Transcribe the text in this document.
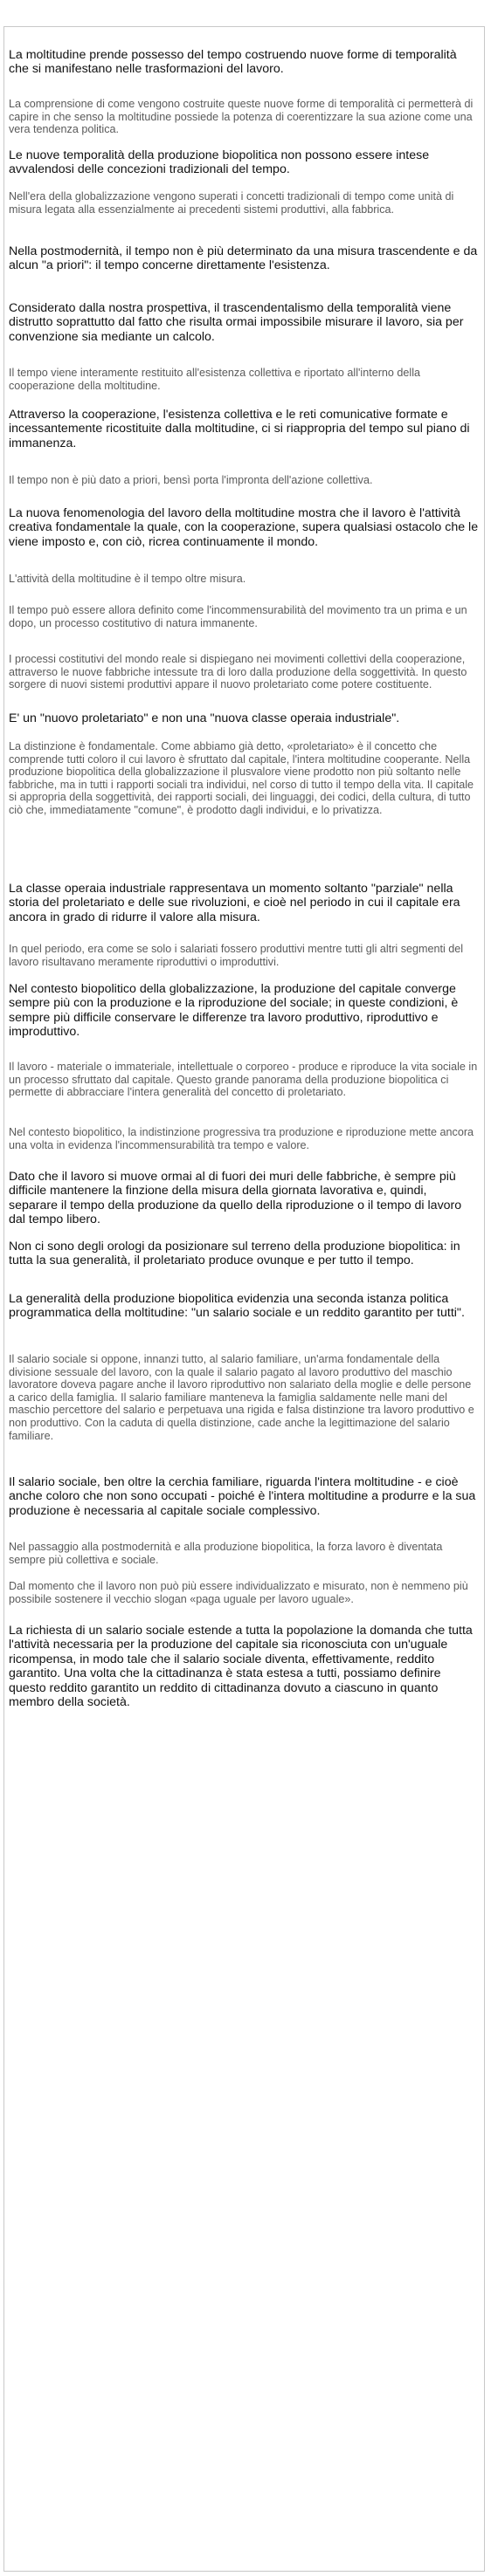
La moltitudine prende possesso del tempo costruendo nuove forme di temporalità che si manifestano nelle trasformazioni del lavoro.

La comprensione di come vengono costruite queste nuove forme di temporalità ci permetterà di capire in che senso la moltitudine possiede la potenza di coerentizzare la sua azione come una vera tendenza politica.

Le nuove temporalità della produzione biopolitica non possono essere intese avvalendosi delle concezioni tradizionali del tempo.

Nell'era della globalizzazione vengono superati i concetti tradizionali di tempo come unità di misura legata alla essenzialmente ai precedenti sistemi produttivi, alla fabbrica.

Nella postmodernità, il tempo non è più determinato da una misura trascendente e da alcun "a priori": il tempo concerne direttamente l'esistenza.

Considerato dalla nostra prospettiva, il trascendentalismo della temporalità viene distrutto soprattutto dal fatto che risulta ormai impossibile misurare il lavoro, sia per convenzione sia mediante un calcolo.

Il tempo viene interamente restituito all'esistenza collettiva e riportato all'interno della cooperazione della moltitudine.

Attraverso la cooperazione, l'esistenza collettiva e le reti comunicative formate e incessantemente ricostituite dalla moltitudine, ci si riappropria del tempo sul piano di immanenza.

Il tempo non è più dato a priori, bensì porta l'impronta dell'azione collettiva.

La nuova fenomenologia del lavoro della moltitudine mostra che il lavoro è l'attività creativa fondamentale la quale, con la cooperazione, supera qualsiasi ostacolo che le viene imposto e, con ciò, ricrea continuamente il mondo.

L'attività della moltitudine è il tempo oltre misura.

Il tempo può essere allora definito come l'incommensurabilità del movimento tra un prima e un dopo, un processo costitutivo di natura immanente.

I processi costitutivi del mondo reale si dispiegano nei movimenti collettivi della cooperazione, attraverso le nuove fabbriche intessute tra di loro dalla produzione della soggettività. In questo sorgere di nuovi sistemi produttivi appare il nuovo proletariato come potere costituente.

E' un "nuovo proletariato" e non una "nuova classe operaia industriale".

La distinzione è fondamentale. Come abbiamo già detto, «proletariato» è il concetto che comprende tutti coloro il cui lavoro è sfruttato dal capitale, l'intera moltitudine cooperante. Nella produzione biopolitica della globalizzazione il plusvalore viene prodotto non più soltanto nelle fabbriche, ma in tutti i rapporti sociali tra individui, nel corso di tutto il tempo della vita. Il capitale si appropria della soggettività, dei rapporti sociali, dei linguaggi, dei codici, della cultura, di tutto ciò che, immediatamente "comune", è prodotto dagli individui, e lo privatizza.

La classe operaia industriale rappresentava un momento soltanto "parziale" nella storia del proletariato e delle sue rivoluzioni, e cioè nel periodo in cui il capitale era ancora in grado di ridurre il valore alla misura.

In quel periodo, era come se solo i salariati fossero produttivi mentre tutti gli altri segmenti del lavoro risultavano meramente riproduttivi o improduttivi.

Nel contesto biopolitico della globalizzazione, la produzione del capitale converge sempre più con la produzione e la riproduzione del sociale; in queste condizioni, è sempre più difficile conservare le differenze tra lavoro produttivo, riproduttivo e improduttivo.

Il lavoro - materiale o immateriale, intellettuale o corporeo - produce e riproduce la vita sociale in un processo sfruttato dal capitale. Questo grande panorama della produzione biopolitica ci permette di abbracciare l'intera generalità del concetto di proletariato.

Nel contesto biopolitico, la indistinzione progressiva tra produzione e riproduzione mette ancora una volta in evidenza l'incommensurabilità tra tempo e valore.

Dato che il lavoro si muove ormai al di fuori dei muri delle fabbriche, è sempre più difficile mantenere la finzione della misura della giornata lavorativa e, quindi, separare il tempo della produzione da quello della riproduzione o il tempo di lavoro dal tempo libero.

Non ci sono degli orologi da posizionare sul terreno della produzione biopolitica: in tutta la sua generalità, il proletariato produce ovunque e per tutto il tempo.

La generalità della produzione biopolitica evidenzia una seconda istanza politica programmatica della moltitudine: "un salario sociale e un reddito garantito per tutti".

Il salario sociale si oppone, innanzi tutto, al salario familiare, un'arma fondamentale della divisione sessuale del lavoro, con la quale il salario pagato al lavoro produttivo del maschio lavoratore doveva pagare anche il lavoro riproduttivo non salariato della moglie e delle persone a carico della famiglia. Il salario familiare manteneva la famiglia saldamente nelle mani del maschio percettore del salario e perpetuava una rigida e falsa distinzione tra lavoro produttivo e non produttivo. Con la caduta di quella distinzione, cade anche la legittimazione del salario familiare.

Il salario sociale, ben oltre la cerchia familiare, riguarda l'intera moltitudine - e cioè anche coloro che non sono occupati - poiché è l'intera moltitudine a produrre e la sua produzione è necessaria al capitale sociale complessivo.

Nel passaggio alla postmodernità e alla produzione biopolitica, la forza lavoro è diventata sempre più collettiva e sociale.

Dal momento che il lavoro non può più essere individualizzato e misurato, non è nemmeno più possibile sostenere il vecchio slogan «paga uguale per lavoro uguale».

La richiesta di un salario sociale estende a tutta la popolazione la domanda che tutta l'attività necessaria per la produzione del capitale sia riconosciuta con un'uguale ricompensa, in modo tale che il salario sociale diventa, effettivamente, reddito garantito. Una volta che la cittadinanza è stata estesa a tutti, possiamo definire questo reddito garantito un reddito di cittadinanza dovuto a ciascuno in quanto membro della società.
